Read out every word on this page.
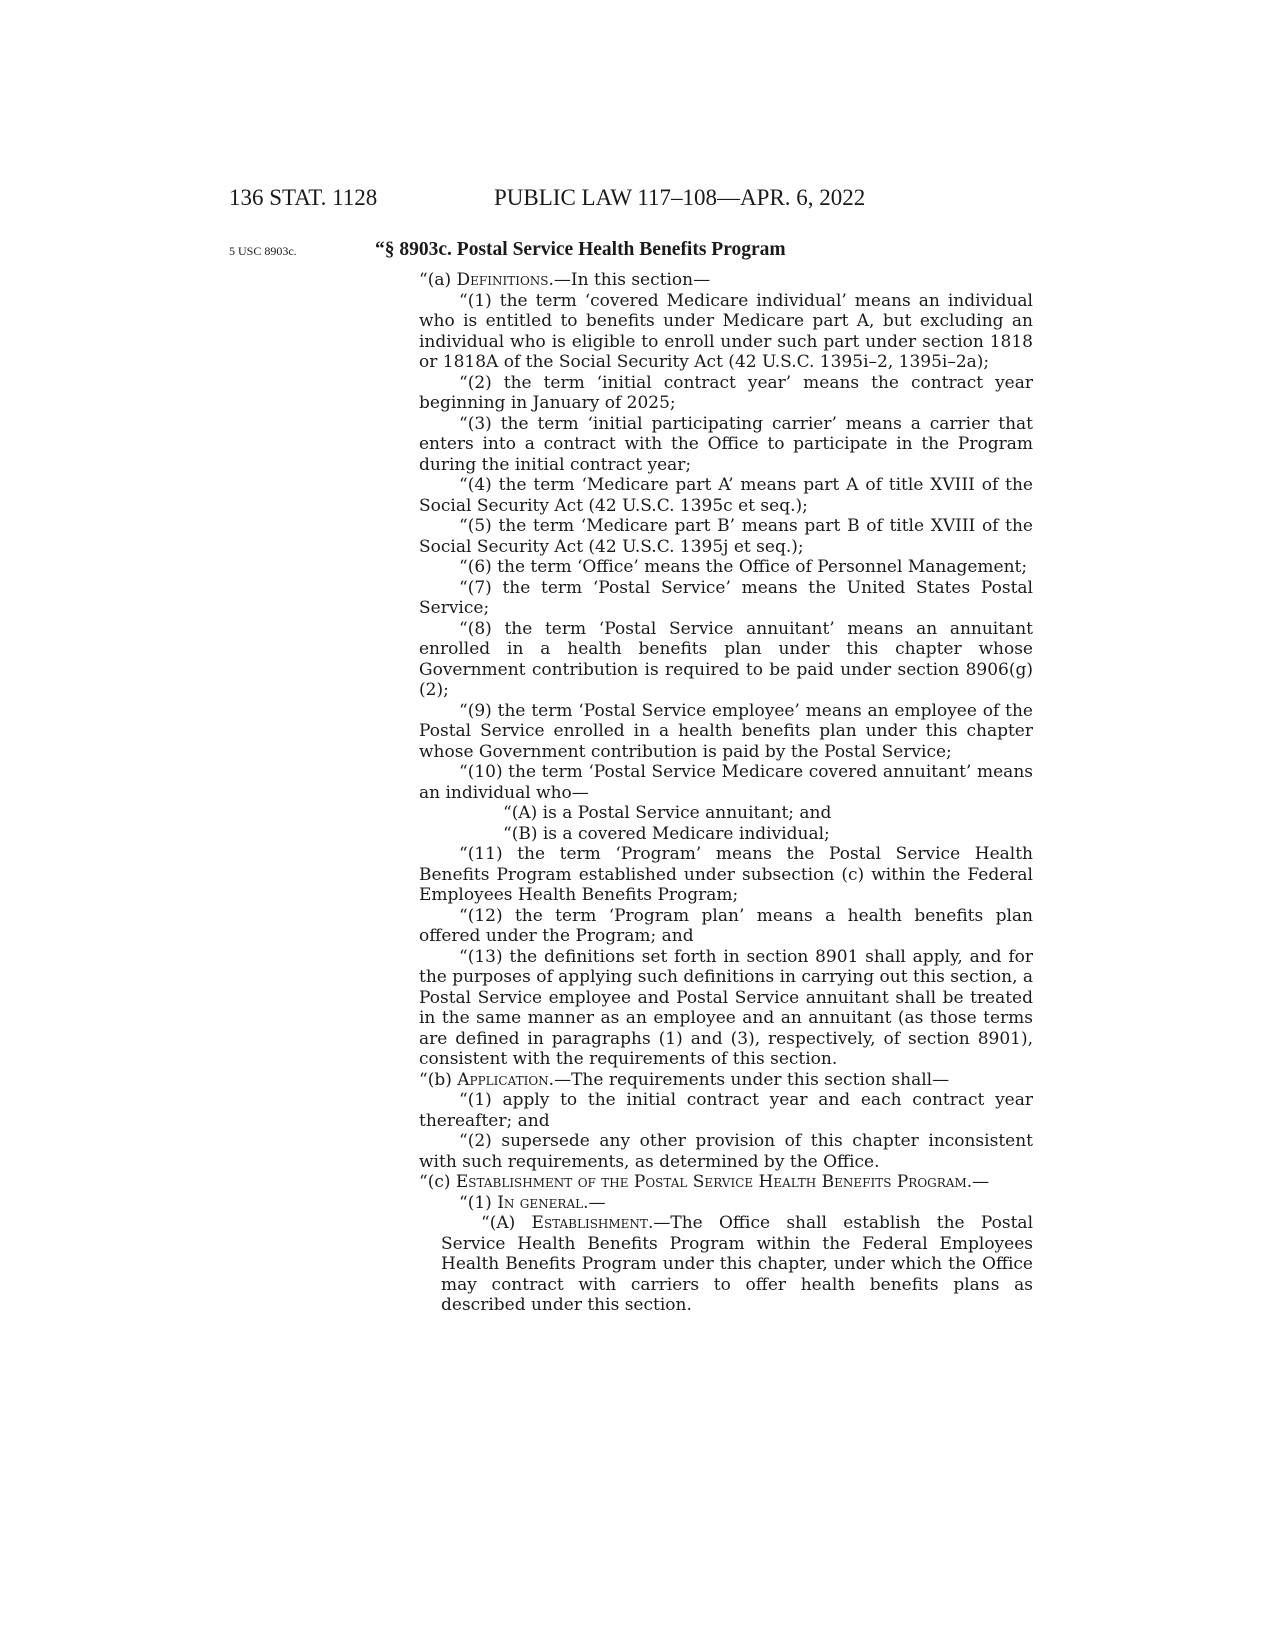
136 STAT. 1128	PUBLIC LAW 117–108—APR. 6, 2022
5 USC 8903c.	“§ 8903c. Postal Service Health Benefits Program

“(a) Definitions.—In this section—

“(1) the term ‘covered Medicare individual’ means an individual who is entitled to benefits under Medicare part A, but excluding an individual who is eligible to enroll under such part under section 1818 or 1818A of the Social Security Act (42 U.S.C. 1395i–2, 1395i–2a);

“(2) the term ‘initial contract year’ means the contract year beginning in January of 2025;

“(3) the term ‘initial participating carrier’ means a carrier that enters into a contract with the Office to participate in the Program during the initial contract year;

“(4) the term ‘Medicare part A’ means part A of title XVIII of the Social Security Act (42 U.S.C. 1395c et seq.);

“(5) the term ‘Medicare part B’ means part B of title XVIII of the Social Security Act (42 U.S.C. 1395j et seq.);

“(6) the term ‘Office’ means the Office of Personnel Management;

“(7) the term ‘Postal Service’ means the United States Postal Service;

“(8) the term ‘Postal Service annuitant’ means an annuitant enrolled in a health benefits plan under this chapter whose Government contribution is required to be paid under section 8906(g)(2);

“(9) the term ‘Postal Service employee’ means an employee of the Postal Service enrolled in a health benefits plan under this chapter whose Government contribution is paid by the Postal Service;

“(10) the term ‘Postal Service Medicare covered annuitant’ means an individual who—

“(A) is a Postal Service annuitant; and

“(B) is a covered Medicare individual;

“(11) the term ‘Program’ means the Postal Service Health Benefits Program established under subsection (c) within the Federal Employees Health Benefits Program;

“(12) the term ‘Program plan’ means a health benefits plan offered under the Program; and

“(13) the definitions set forth in section 8901 shall apply, and for the purposes of applying such definitions in carrying out this section, a Postal Service employee and Postal Service annuitant shall be treated in the same manner as an employee and an annuitant (as those terms are defined in paragraphs (1) and (3), respectively, of section 8901), consistent with the requirements of this section.

“(b) Application.—The requirements under this section shall—

“(1) apply to the initial contract year and each contract year thereafter; and

“(2) supersede any other provision of this chapter inconsistent with such requirements, as determined by the Office.

“(c) Establishment of the Postal Service Health Benefits Program.—

“(1) In general.—

“(A) Establishment.—The Office shall establish the Postal Service Health Benefits Program within the Federal Employees Health Benefits Program under this chapter, under which the Office may contract with carriers to offer health benefits plans as described under this section.
